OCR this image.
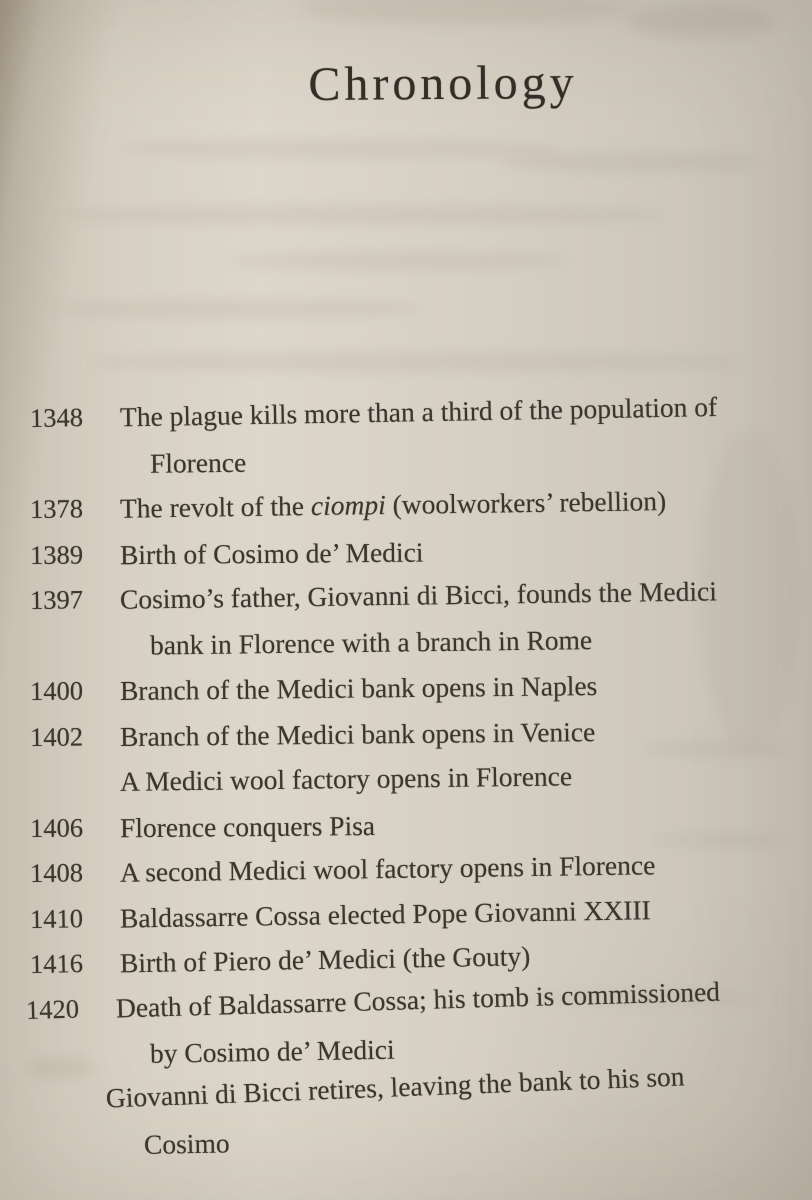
Chronology
1348	The plague kills more than a third of the population of
Florence
1378	The revolt of the ciompi (woolworkers’ rebellion)
1389	Birth of Cosimo de’ Medici
1397	Cosimo’s father, Giovanni di Bicci, founds the Medici
bank in Florence with a branch in Rome
1400	Branch of the Medici bank opens in Naples
1402	Branch of the Medici bank opens in Venice
A Medici wool factory opens in Florence
1406	Florence conquers Pisa
1408	A second Medici wool factory opens in Florence
1410	Baldassarre Cossa elected Pope Giovanni XXIII
1416	Birth of Piero de’ Medici (the Gouty)
1420	Death of Baldassarre Cossa; his tomb is commissioned
by Cosimo de’ Medici
Giovanni di Bicci retires, leaving the bank to his son
Cosimo
